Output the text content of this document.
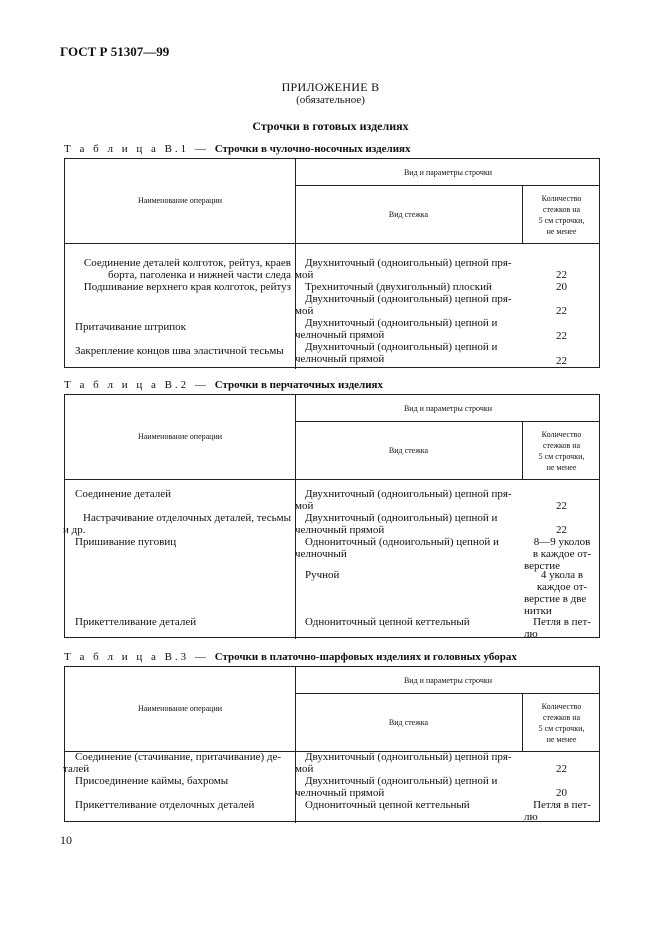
ГОСТ Р 51307—99
ПРИЛОЖЕНИЕ В
(обязательное)
Строчки в готовых изделиях
Т а б л и ц а В.1 — Строчки в чулочно-носочных изделиях
Наименование операции
Вид и параметры строчки
Вид стежка
Количество
стежков на
5 см строчки,
не менее
Соединение деталей колготок, рейтуз, краев
борта, паголенка и нижней части следа
Подшивание верхнего края колготок, рейтуз
Притачивание штрипок
Закрепление концов шва эластичной тесьмы
Двухниточный (одноигольный) цепной пря-
мой
Трехниточный (двухигольный) плоский
Двухниточный (одноигольный) цепной пря-
мой
Двухниточный (одноигольный) цепной и
челночный прямой
Двухниточный (одноигольный) цепной и
челночный прямой
22
20
22
22
22
Т а б л и ц а В.2 — Строчки в перчаточных изделиях
Наименование операции
Вид и параметры строчки
Вид стежка
Количество
стежков на
5 см строчки,
не менее
Соединение деталей
Настрачивание отделочных деталей, тесьмы
и др.
Пришивание пуговиц
Прикеттеливание деталей
Двухниточный (одноигольный) цепной пря-
мой
Двухниточный (одноигольный) цепной и
челночный прямой
Однониточный (одноигольный) цепной и
челночный
Ручной
Однониточный цепной кеттельный
22
22
8—9 уколов
в каждое от-
верстие
4 укола в
каждое от-
верстие в две
нитки
Петля в пет-
лю
Т а б л и ц а В.3 — Строчки в платочно-шарфовых изделиях и головных уборах
Наименование операции
Вид и параметры строчки
Вид стежка
Количество
стежков на
5 см строчки,
не менее
Соединение (стачивание, притачивание) де-
талей
Присоединение каймы, бахромы
Прикеттеливание отделочных деталей
Двухниточный (одноигольный) цепной пря-
мой
Двухниточный (одноигольный) цепной и
челночный прямой
Однониточный цепной кеттельный
22
20
Петля в пет-
лю
10
